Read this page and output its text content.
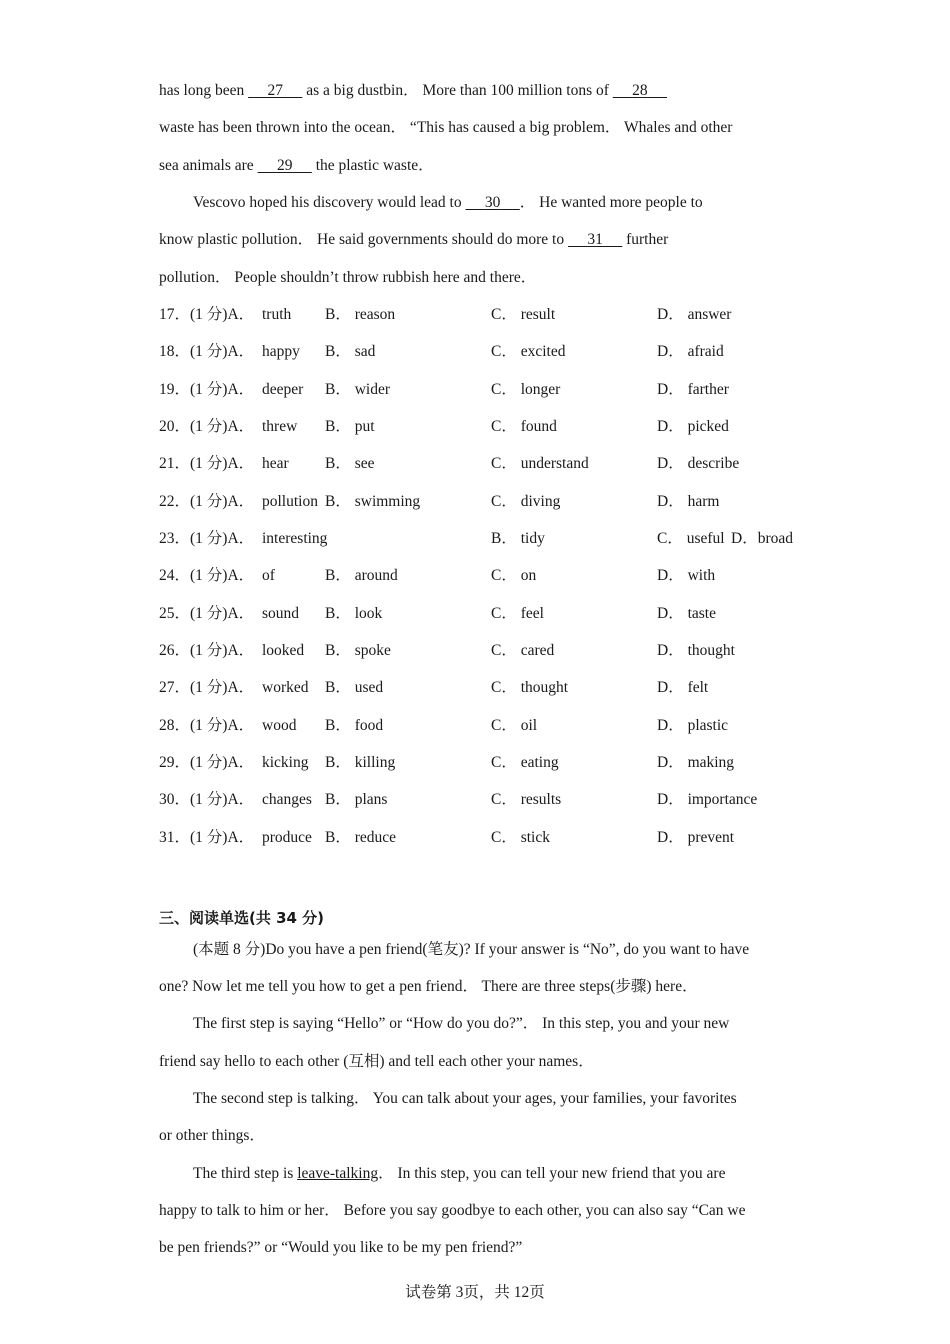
has long been      27      as a big dustbin． More than 100 million tons of      28
waste has been thrown into the ocean． “This has caused a big problem． Whales and other
sea animals are      29      the plastic waste．
Vescovo hoped his discovery would lead to      30 ． He wanted more people to
know plastic pollution． He said governments should do more to      31      further
pollution． People shouldn’t throw rubbish here and there．
17．(1 分)A． truth B． reason	C． result	D． answer
18．(1 分)A． happy B． sad	C． excited	D． afraid
19．(1 分)A． deeper B． wider	C． longer	D． farther
20．(1 分)A． threw B． put	C． found	D． picked
21．(1 分)A． hear B． see	C． understand	D． describe
22．(1 分)A． pollution B． swimming	C． diving	D． harm
23．(1 分)A． interesting	B． tidy	C． useful D．broad
24．(1 分)A． of	B． around	C． on	D． with
25．(1 分)A． sound B． look	C． feel	D． taste
26．(1 分)A． looked B． spoke	C． cared	D． thought
27．(1 分)A． worked B． used	C． thought	D． felt
28．(1 分)A． wood B． food	C． oil	D． plastic
29．(1 分)A． kicking B． killing	C． eating	D． making
30．(1 分)A． changes B． plans	C． results	D． importance
31．(1 分)A． produce B． reduce	C． stick	D． prevent
三、阅读单选(共 34 分)
(本题 8 分)Do you have a pen friend(笔友)? If your answer is “No”, do you want to have
one? Now let me tell you how to get a pen friend． There are three steps(步骤) here．
The first step is saying “Hello” or “How do you do?”． In this step, you and your new
friend say hello to each other (互相) and tell each other your names．
The second step is talking． You can talk about your ages, your families, your favorites
or other things．
The third step is leave-talking． In this step, you can tell your new friend that you are
happy to talk to him or her． Before you say goodbye to each other, you can also say “Can we
be pen friends?” or “Would you like to be my pen friend?”
试卷第 3页，共 12页
